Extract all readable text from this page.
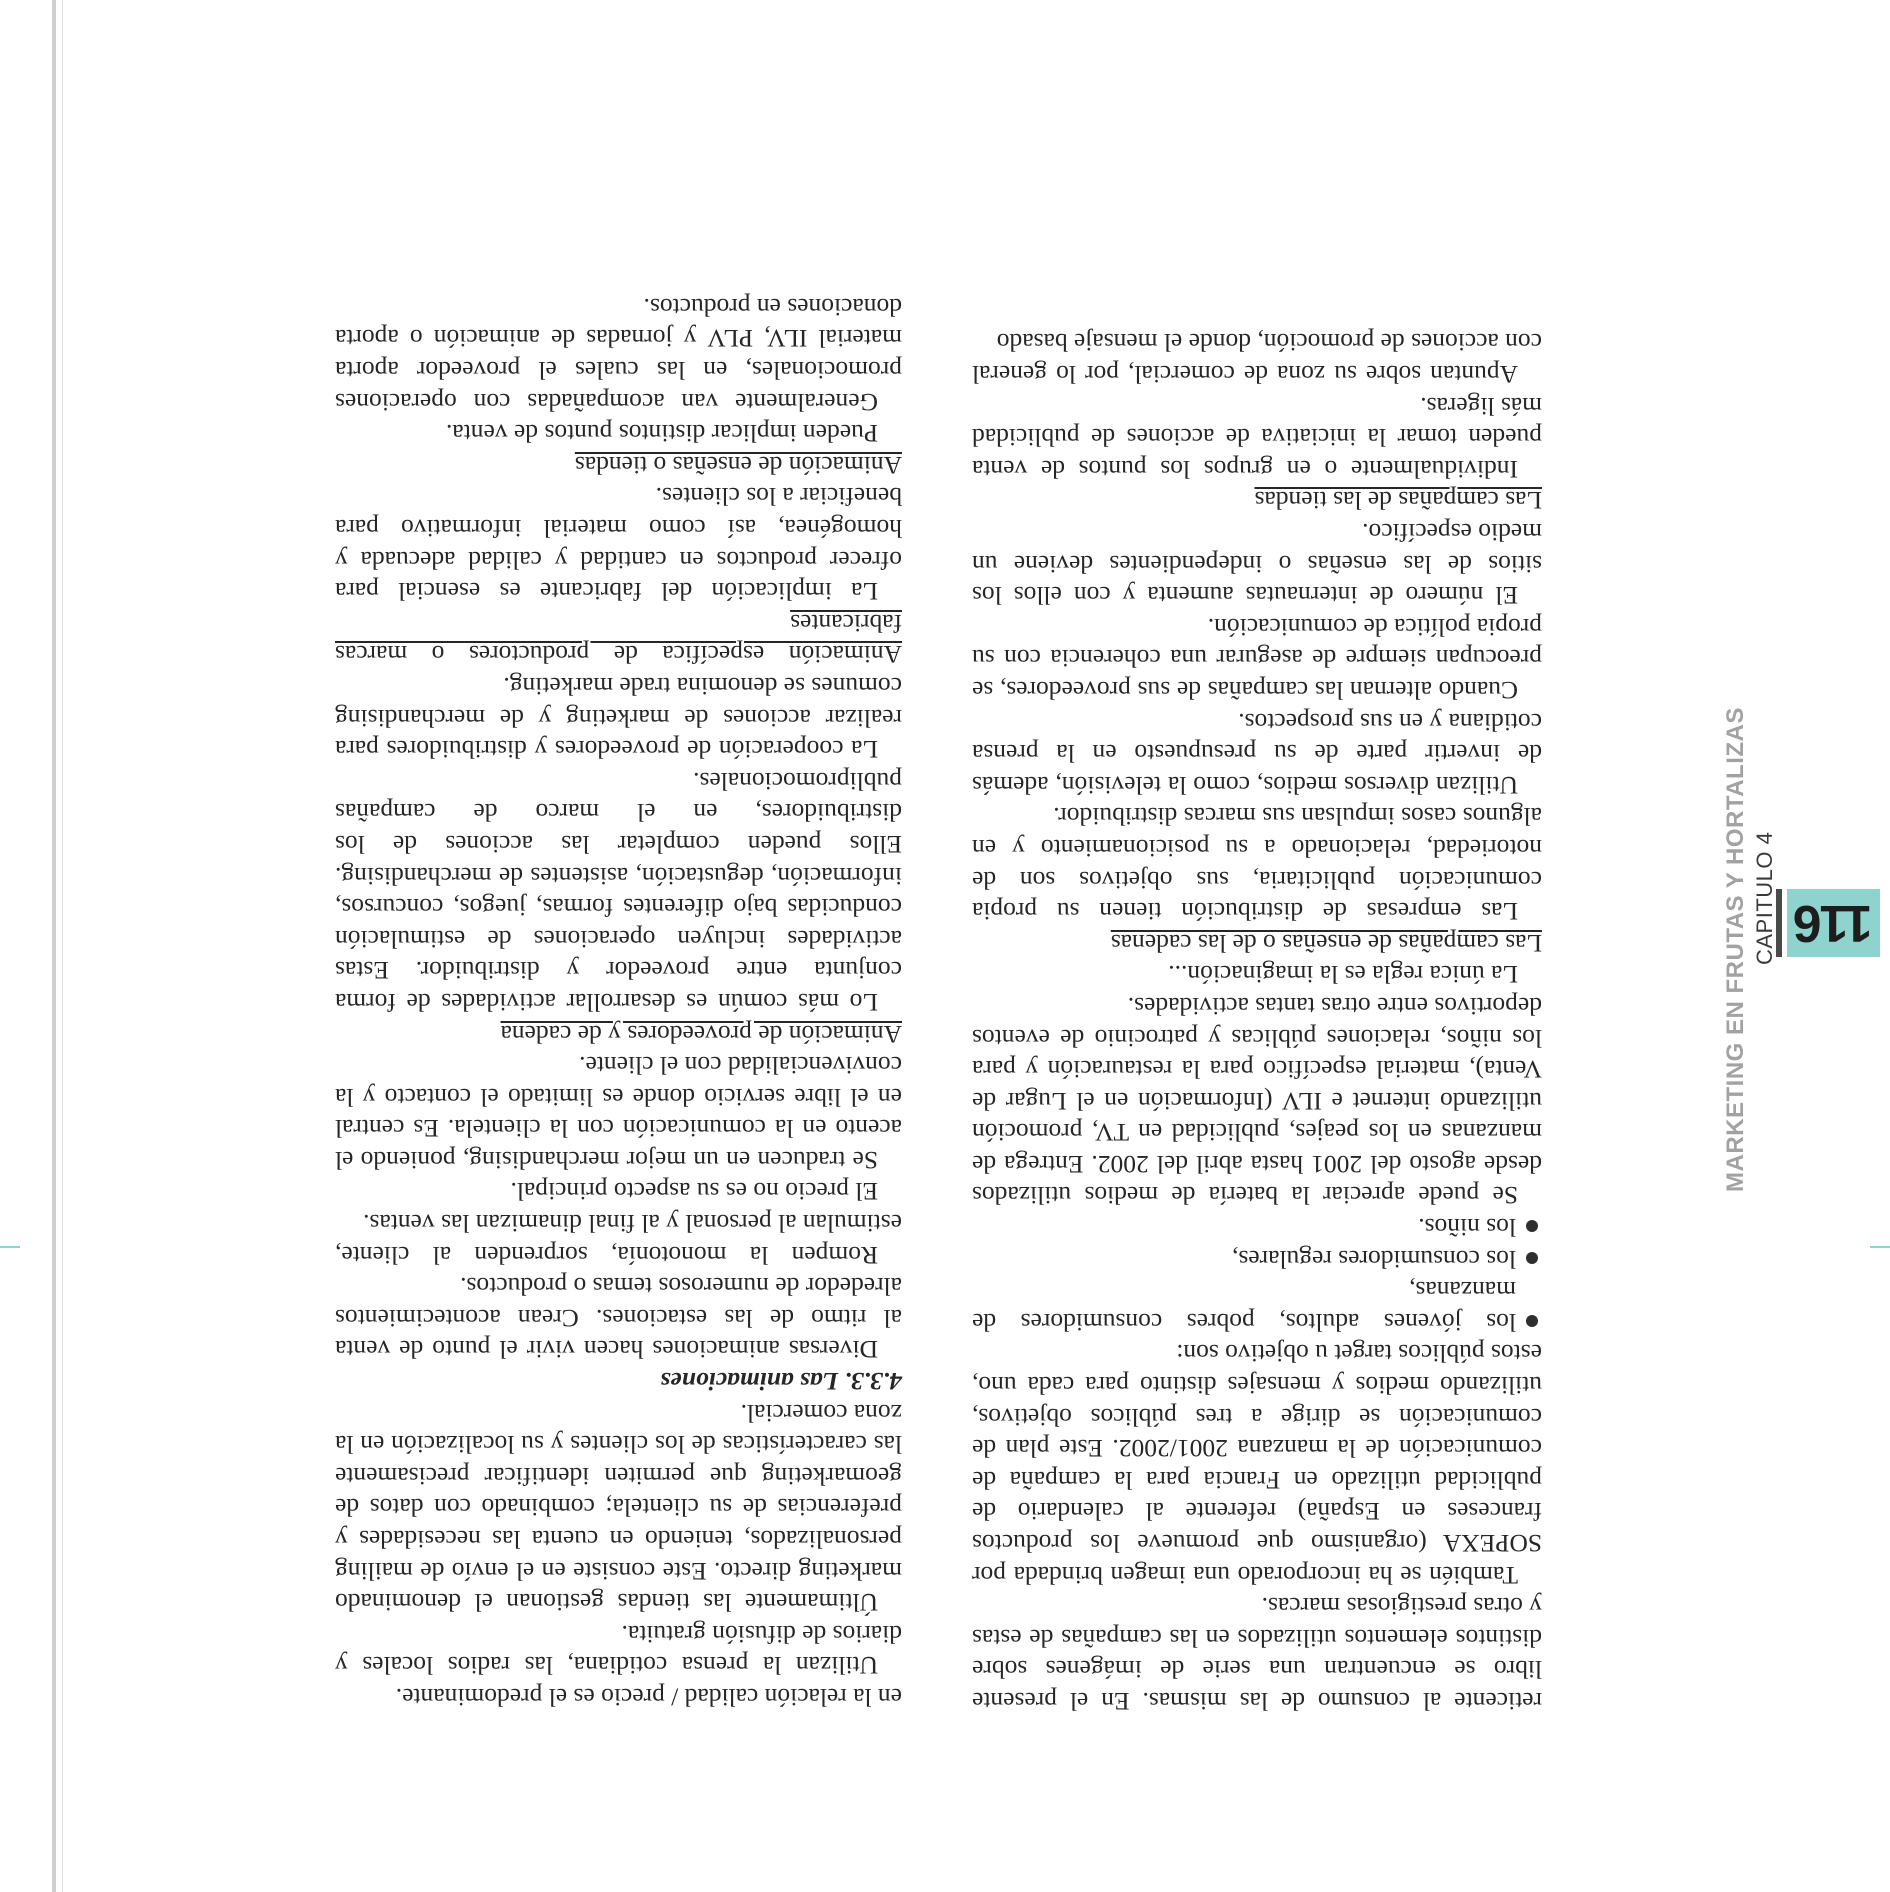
116
CAPITULO 4
MARKETING EN FRUTAS Y HORTALIZAS

reticente al consumo de las mismas. En el presente libro se encuentran una serie de imágenes sobre distintos elementos utilizados en las campañas de estas y otras prestigiosas marcas.

También se ha incorporado una imagen brindada por SOPEXA (organismo que promueve los productos franceses en España) referente al calendario de publicidad utilizado en Francia para la campaña de comunicación de la manzana 2001/2002. Este plan de comunicación se dirige a tres públicos objetivos, utilizando medios y mensajes distinto para cada uno, estos públicos target u objetivo son:

los jóvenes adultos, pobres consumidores de manzanas,
los consumidores regulares,
los niños.

Se puede apreciar la batería de medios utilizados desde agosto del 2001 hasta abril del 2002. Entrega de manzanas en los peajes, publicidad en TV, promoción utilizando internet e ILV (Información en el Lugar de Venta), material específico para la restauración y para los niños, relaciones públicas y patrocinio de eventos deportivos entre otras tantas actividades.

La única regla es la imaginación...

Las campañas de enseñas o de las cadenas

Las empresas de distribución tienen su propia comunicación publicitaria, sus objetivos son de notoriedad, relacionado a su posicionamiento y en algunos casos impulsan sus marcas distribuidor.

Utilizan diversos medios, como la televisión, además de invertir parte de su presupuesto en la prensa cotidiana y en sus prospectos.

Cuando alternan las campañas de sus proveedores, se preocupan siempre de asegurar una coherencia con su propia política de comunicación.

El número de internautas aumenta y con ellos los sitios de las enseñas o independientes deviene un medio específico.

Las campañas de las tiendas

Individualmente o en grupos los puntos de venta pueden tomar la iniciativa de acciones de publicidad más ligeras.

Apuntan sobre su zona de comercial, por lo general con acciones de promoción, donde el mensaje basado

en la relación calidad / precio es el predominante.

Utilizan la prensa cotidiana, las radios locales y diarios de difusión gratuita.

Últimamente las tiendas gestionan el denominado marketing directo. Este consiste en el envío de mailing personalizados, teniendo en cuenta las necesidades y preferencias de su clientela; combinado con datos de geomarketing que permiten identificar precisamente las características de los clientes y su localización en la zona comercial.

4.3.3. Las animaciones

Diversas animaciones hacen vivir el punto de venta al ritmo de las estaciones. Crean acontecimientos alrededor de numerosos temas o productos.

Rompen la monotonía, sorprenden al cliente, estimulan al personal y al final dinamizan las ventas.

El precio no es su aspecto principal.

Se traducen en un mejor merchandising, poniendo el acento en la comunicación con la clientela. Es central en el libre servicio donde es limitado el contacto y la convivencialidad con el cliente.

Animación de proveedores y de cadena

Lo más común es desarrollar actividades de forma conjunta entre proveedor y distribuidor. Estas actividades incluyen operaciones de estimulación conducidas bajo diferentes formas, juegos, concursos, información, degustación, asistentes de merchandising. Ellos pueden completar las acciones de los distribuidores, en el marco de campañas publipromocionales.

La cooperación de proveedores y distribuidores para realizar acciones de marketing y de merchandising comunes se denomina trade marketing.

Animación específica de productores o marcas fabricantes

La implicación del fabricante es esencial para ofrecer productos en cantidad y calidad adecuada y homogénea, así como material informativo para beneficiar a los clientes.

Animación de enseñas o tiendas

Pueden implicar distintos puntos de venta.

Generalmente van acompañadas con operaciones promocionales, en las cuales el proveedor aporta material ILV, PLV y jornadas de animación o aporta donaciones en productos.
